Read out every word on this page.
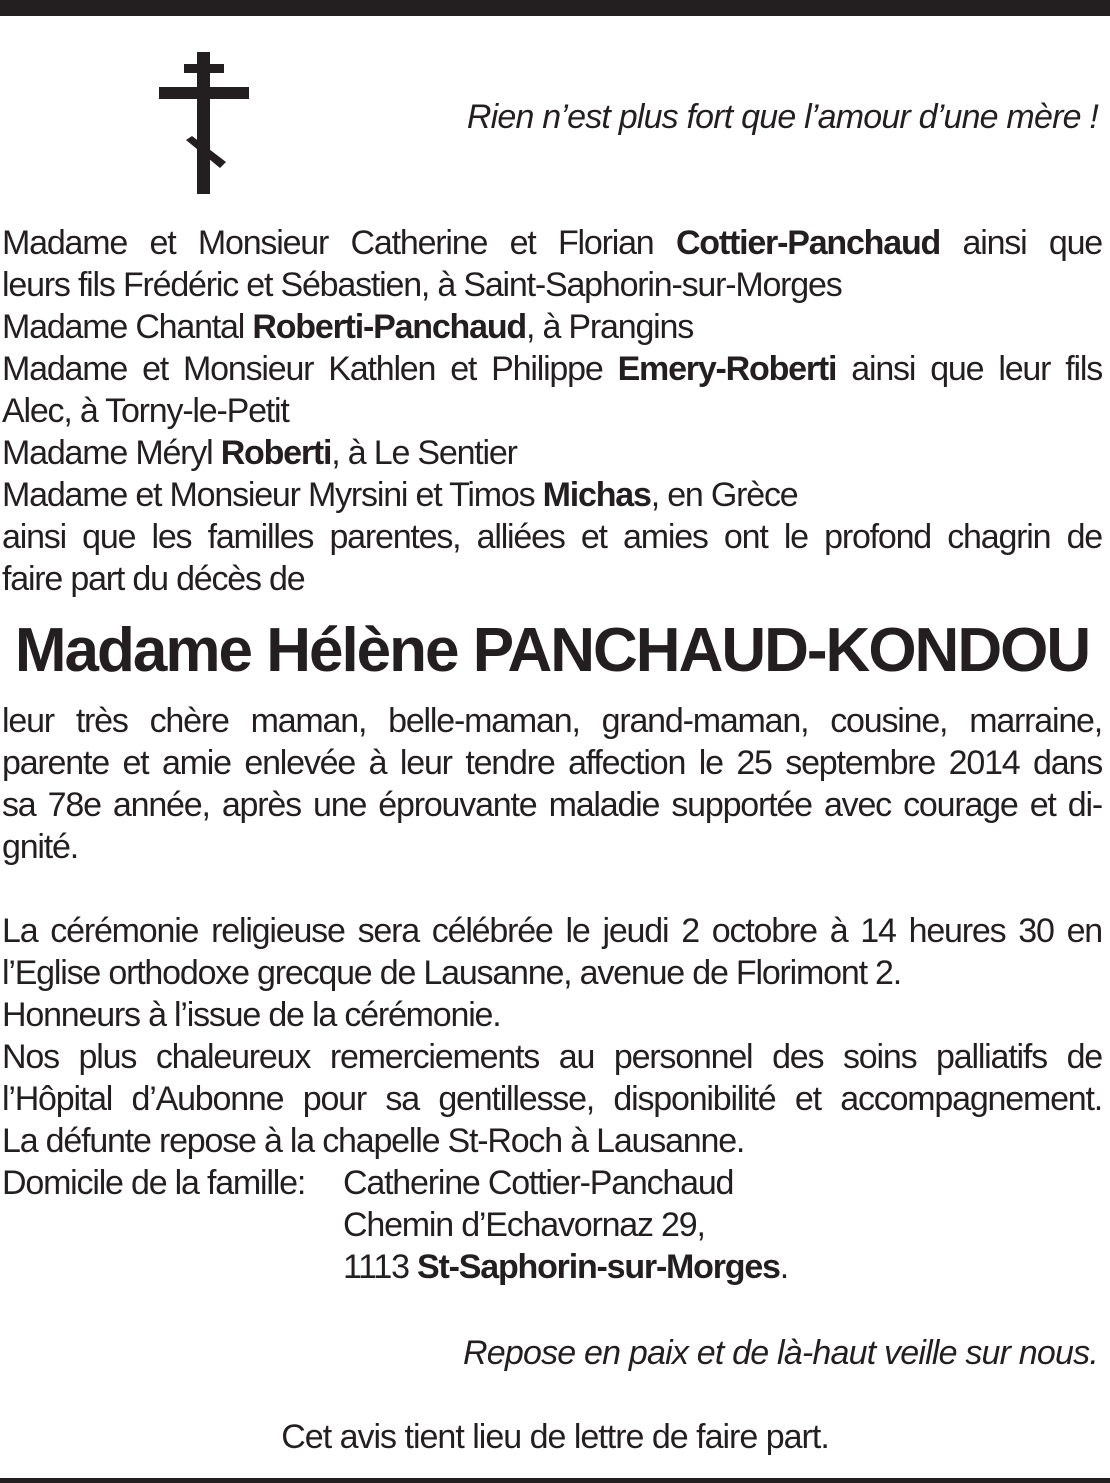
Rien n’est plus fort que l’amour d’une mère !
Madame et Monsieur Catherine et Florian Cottier-Panchaud ainsi que
leurs fils Frédéric et Sébastien, à Saint-Saphorin-sur-Morges
Madame Chantal Roberti-Panchaud, à Prangins
Madame et Monsieur Kathlen et Philippe Emery-Roberti ainsi que leur fils
Alec, à Torny-le-Petit
Madame Méryl Roberti, à Le Sentier
Madame et Monsieur Myrsini et Timos Michas, en Grèce
ainsi que les familles parentes, alliées et amies ont le profond chagrin de
faire part du décès de
Madame Hélène PANCHAUD-KONDOU
leur très chère maman, belle-maman, grand-maman, cousine, marraine,
parente et amie enlevée à leur tendre affection le 25 septembre 2014 dans
sa 78e année, après une éprouvante maladie supportée avec courage et di-
gnité.
La cérémonie religieuse sera célébrée le jeudi 2 octobre à 14 heures 30 en
l’Eglise orthodoxe grecque de Lausanne, avenue de Florimont 2.
Honneurs à l’issue de la cérémonie.
Nos plus chaleureux remerciements au personnel des soins palliatifs de
l’Hôpital d’Aubonne pour sa gentillesse, disponibilité et accompagnement.
La défunte repose à la chapelle St-Roch à Lausanne.
Domicile de la famille:	Catherine Cottier-Panchaud
Chemin d’Echavornaz 29,
1113 St-Saphorin-sur-Morges.
Repose en paix et de là-haut veille sur nous.
Cet avis tient lieu de lettre de faire part.
